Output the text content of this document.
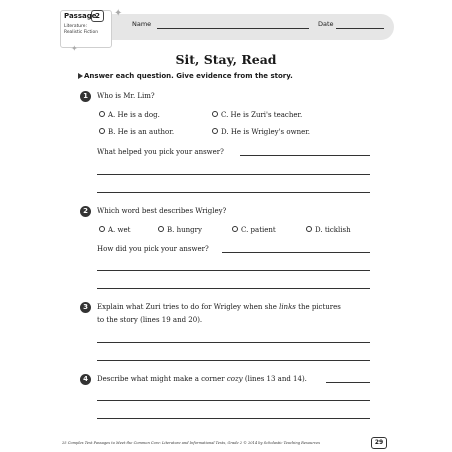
Passage
2
Literature:
Realistic Fiction
✦
✦
Name	Date
Sit, Stay, Read
Answer each question. Give evidence from the story.
1	Who is Mr. Lim?
A. He is a dog.	C. He is Zuri's teacher.
B. He is an author.	D. He is Wrigley's owner.
What helped you pick your answer?
2	Which word best describes Wrigley?
A. wet	B. hungry	C. patient	D. ticklish
How did you pick your answer?
3	Explain what Zuri tries to do for Wrigley when she links the pictures
to the story (lines 19 and 20).
4	Describe what might make a corner cozy (lines 13 and 14).
25 Complex Text Passages to Meet the Common Core: Literature and Informational Texts, Grade 2 © 2014 by Scholastic Teaching Resources	29
